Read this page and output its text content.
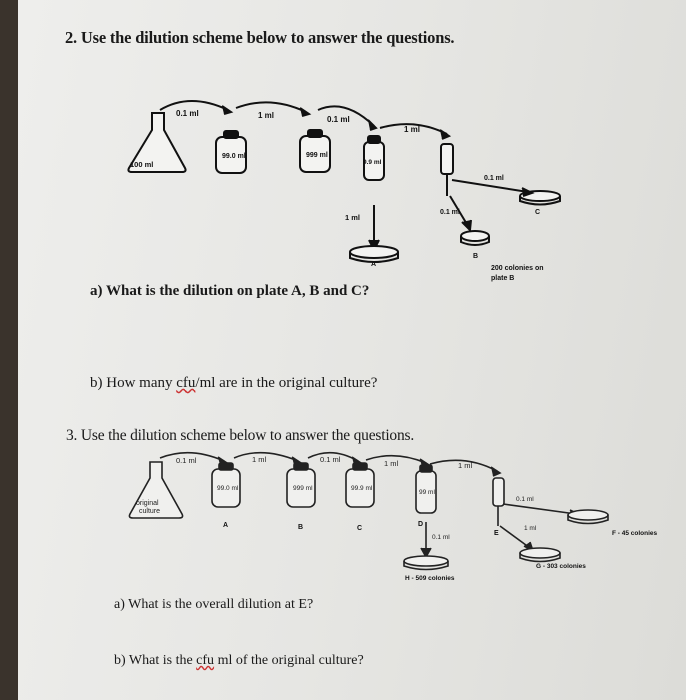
2. Use the dilution scheme below to answer the questions.
0.1 ml	1 ml	0.1 ml
1 ml
100 ml
99.0 ml	999 ml
9.9 ml
1 ml
0.1 ml
0.1 ml
A
B
C
200 colonies on
plate B
0.1 ml	1 ml	0.1 ml	1 ml	1 ml
original
culture
99.0 ml	999 ml	99.9 ml
99 ml
A	B	C
D
E
0.1 ml
0.1 ml
1 ml
H - 509 colonies
G - 303 colonies
F - 45 colonies
a) What is the dilution on plate A, B and C?
b) How many cfu/ml are in the original culture?
3. Use the dilution scheme below to answer the questions.
a) What is the overall dilution at E?
b) What is the cfu ml of the original culture?
